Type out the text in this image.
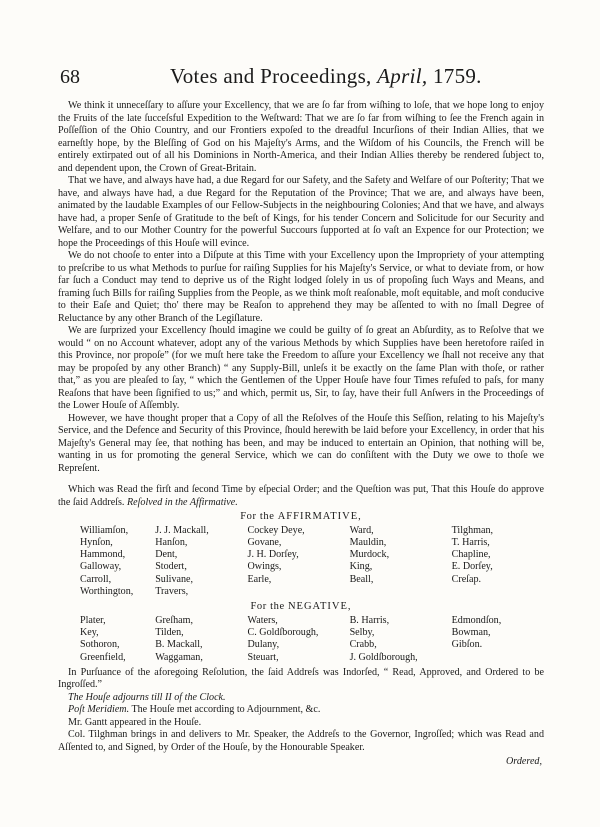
68	Votes and Proceedings, April, 1759.

We think it unneceſſary to aſſure your Excellency, that we are ſo far from wiſhing to loſe, that we hope long to enjoy the Fruits of the late ſucceſsful Expedition to the Weſtward: That we are ſo far from wiſhing to ſee the French again in Poſſeſſion of the Ohio Country, and our Frontiers expoſed to the dreadful Incurſions of their Indian Allies, that we earneſtly hope, by the Bleſſing of God on his Majeſty's Arms, and the Wiſdom of his Councils, the French will be entirely extirpated out of all his Dominions in North-America, and their Indian Allies thereby be rendered ſubject to, and dependent upon, the Crown of Great-Britain.

That we have, and always have had, a due Regard for our Safety, and the Safety and Welfare of our Poſterity; That we have, and always have had, a due Regard for the Reputation of the Province; That we are, and always have been, animated by the laudable Examples of our Fellow-Subjects in the neighbouring Colonies; And that we have, and always have had, a proper Senſe of Gratitude to the beſt of Kings, for his tender Concern and Solicitude for our Security and Welfare, and to our Mother Country for the powerful Succours ſupported at ſo vaſt an Expence for our Protection; we hope the Proceedings of this Houſe will evince.

We do not chooſe to enter into a Diſpute at this Time with your Excellency upon the Impropriety of your attempting to preſcribe to us what Methods to purſue for raiſing Supplies for his Majeſty's Service, or what to deviate from, or how far ſuch a Conduct may tend to deprive us of the Right lodged ſolely in us of propoſing ſuch Ways and Means, and framing ſuch Bills for raiſing Supplies from the People, as we think moſt reaſonable, moſt equitable, and moſt conducive to their Eaſe and Quiet; tho' there may be Reaſon to apprehend they may be aſſented to with no ſmall Degree of Reluctance by any other Branch of the Legiſlature.

We are ſurprized your Excellency ſhould imagine we could be guilty of ſo great an Abſurdity, as to Reſolve that we would “ on no Account whatever, adopt any of the various Methods by which Supplies have been heretofore raiſed in this Province, nor propoſe” (for we muſt here take the Freedom to aſſure your Excellency we ſhall not receive any that may be propoſed by any other Branch) “ any Supply-Bill, unleſs it be exactly on the ſame Plan with thoſe, or rather that,” as you are pleaſed to ſay, “ which the Gentlemen of the Upper Houſe have four Times refuſed to paſs, for many Reaſons that have been ſignified to us;” and which, permit us, Sir, to ſay, have their full Anſwers in the Proceedings of the Lower Houſe of Aſſembly.

However, we have thought proper that a Copy of all the Reſolves of the Houſe this Seſſion, relating to his Majeſty's Service, and the Defence and Security of this Province, ſhould herewith be laid before your Excellency, in order that his Majeſty's General may ſee, that nothing has been, and may be induced to entertain an Opinion, that nothing will be, wanting in us for promoting the general Service, which we can do conſiſtent with the Duty we owe to thoſe we Repreſent.

Which was Read the firſt and ſecond Time by eſpecial Order; and the Queſtion was put, That this Houſe do approve the ſaid Addreſs. Reſolved in the Affirmative.

For the AFFIRMATIVE,
Williamſon,	J. J. Mackall,	Cockey Deye,	Ward,	Tilghman,
Hynſon,	Hanſon,	Govane,	Mauldin,	T. Harris,
Hammond,	Dent,	J. H. Dorſey,	Murdock,	Chapline,
Galloway,	Stodert,	Owings,	King,	E. Dorſey,
Carroll,	Sulivane,	Earle,	Beall,	Creſap.
Worthington,	Travers,			
For the NEGATIVE,
Plater,	Greſham,	Waters,	B. Harris,	Edmondſon,
Key,	Tilden,	C. Goldſborough,	Selby,	Bowman,
Sothoron,	B. Mackall,	Dulany,	Crabb,	Gibſon.
Greenfield,	Waggaman,	Steuart,	J. Goldſborough,	

In Purſuance of the aforegoing Reſolution, the ſaid Addreſs was Indorſed, “ Read, Approved, and Ordered to be Ingroſſed.”

The Houſe adjourns till II of the Clock.

Poſt Meridiem. The Houſe met according to Adjournment, &c.

Mr. Gantt appeared in the Houſe.

Col. Tilghman brings in and delivers to Mr. Speaker, the Addreſs to the Governor, Ingroſſed; which was Read and Aſſented to, and Signed, by Order of the Houſe, by the Honourable Speaker.

Ordered,
